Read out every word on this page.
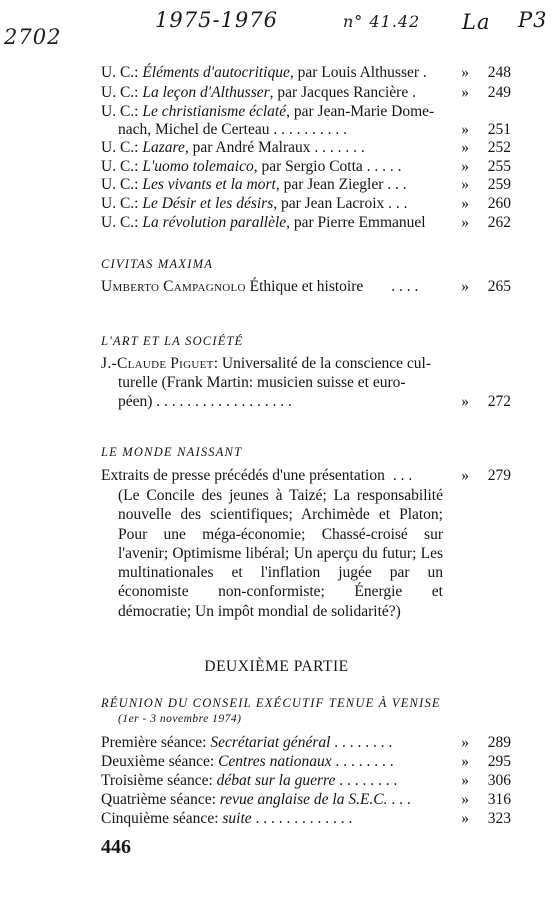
2702
1975-1976	n° 41.42 La P3
U. C.: Éléments d'autocritique, par Louis Althusser . » 248
U. C.: La leçon d'Althusser, par Jacques Rancière .	» 249
U. C.: Le christianisme éclaté, par Jean-Marie Dome-
nach, Michel de Certeau . . . . . . . . . .	» 251
U. C.: Lazare, par André Malraux . . . . . . .	» 252
U. C.: L'uomo tolemaico, par Sergio Cotta . . . . .	» 255
U. C.: Les vivants et la mort, par Jean Ziegler . . .	» 259
U. C.: Le Désir et les désirs, par Jean Lacroix . . .	» 260
U. C.: La révolution parallèle, par Pierre Emmanuel » 262
CIVITAS MAXIMA
Umberto Campagnolo Éthique et histoire . . . .	» 265
L'ART ET LA SOCIÉTÉ
J.-Claude Piguet: Universalité de la conscience cul-
turelle (Frank Martin: musicien suisse et euro-
péen) . . . . . . . . . . . . . . . . . .	» 272
LE MONDE NAISSANT
Extraits de presse précédés d'une présentation . . .	» 279
(Le Concile des jeunes à Taizé; La responsabilité nouvelle des scientifiques; Archimède et Platon; Pour une méga-économie; Chassé-croisé sur l'avenir; Optimisme libéral; Un aperçu du futur; Les multinationales et l'inflation jugée par un économiste non-conformiste; Énergie et démocratie; Un impôt mondial de solidarité?)
DEUXIÈME PARTIE
RÉUNION DU CONSEIL EXÉCUTIF TENUE À VENISE
(1er - 3 novembre 1974)
Première séance: Secrétariat général . . . . . . . .	» 289
Deuxième séance: Centres nationaux . . . . . . . .	» 295
Troisième séance: débat sur la guerre . . . . . . . .	» 306
Quatrième séance: revue anglaise de la S.E.C. . . .	» 316
Cinquième séance: suite . . . . . . . . . . . . .	» 323
446
